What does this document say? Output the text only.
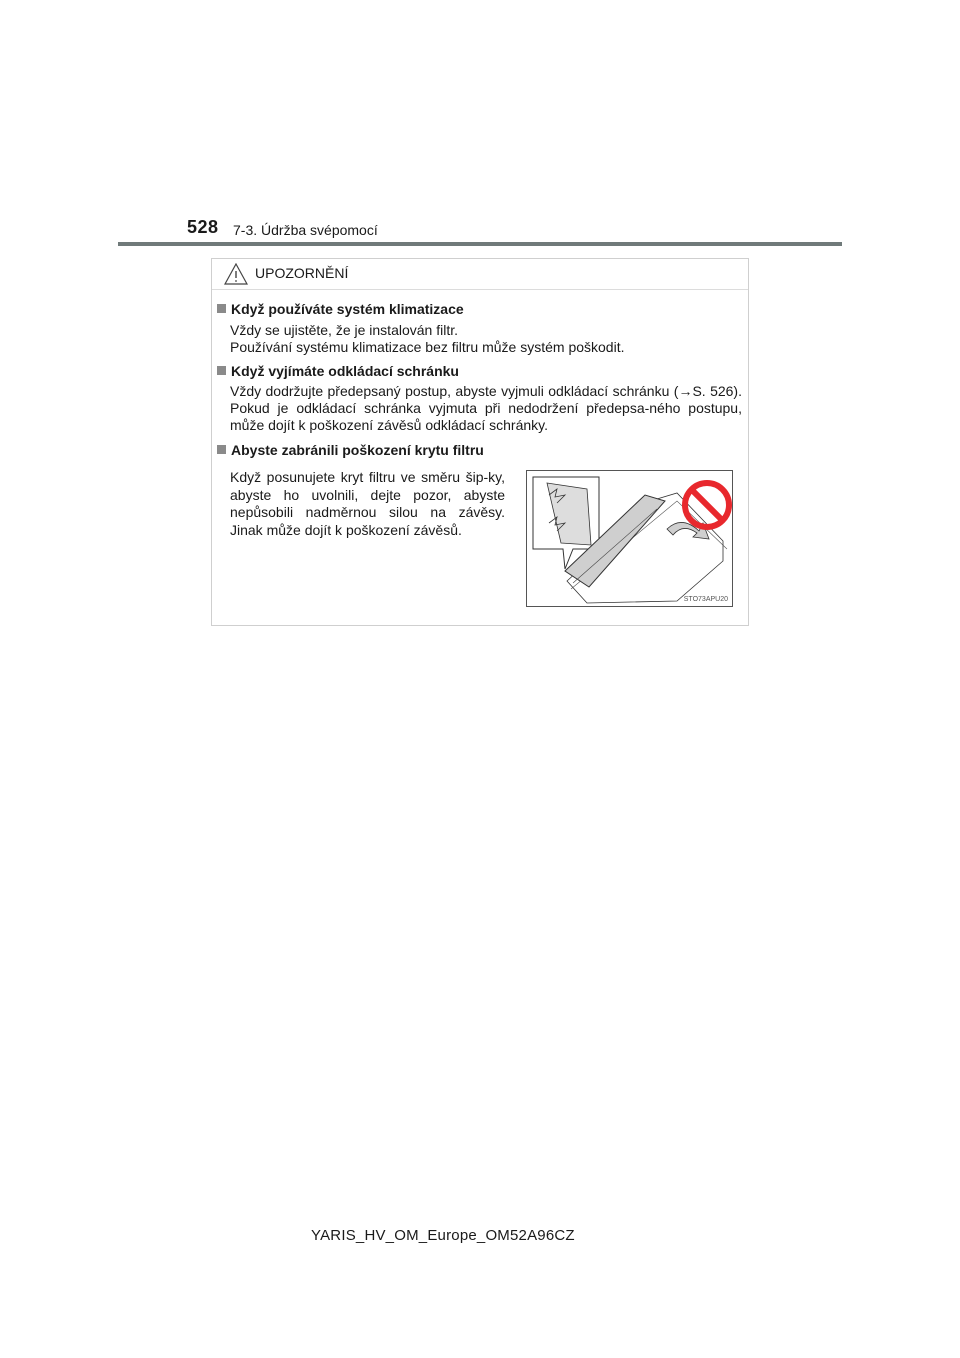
528 7-3. Údržba svépomocí
UPOZORNĚNÍ
Když používáte systém klimatizace
Vždy se ujistěte, že je instalován filtr.
Používání systému klimatizace bez filtru může systém poškodit.
Když vyjímáte odkládací schránku
Vždy dodržujte předepsaný postup, abyste vyjmuli odkládací schránku (→S. 526). Pokud je odkládací schránka vyjmuta při nedodržení předepsa-ného postupu, může dojít k poškození závěsů odkládací schránky.
Abyste zabránili poškození krytu filtru
Když posunujete kryt filtru ve směru šip-ky, abyste ho uvolnili, dejte pozor, abyste nepůsobili nadměrnou silou na závěsy. Jinak může dojít k poškození závěsů.
STO73APU20
YARIS_HV_OM_Europe_OM52A96CZ
